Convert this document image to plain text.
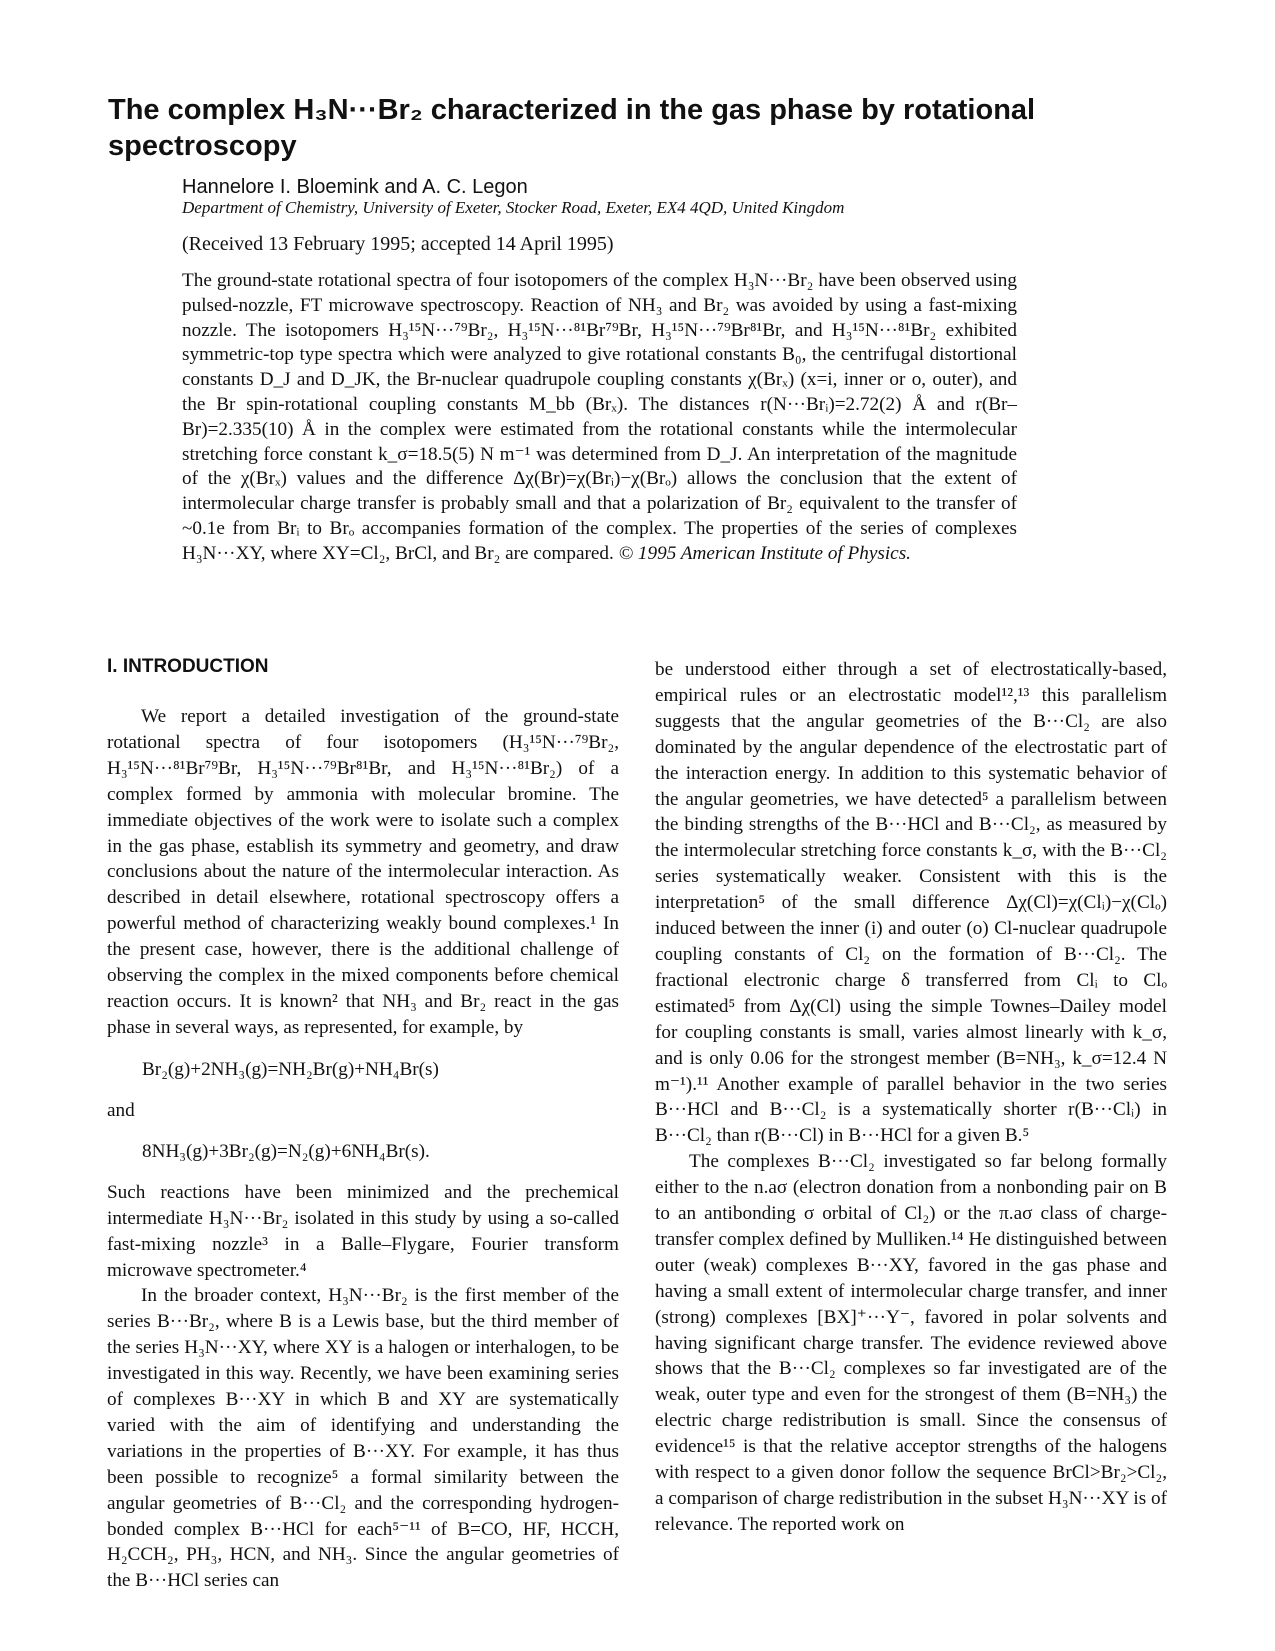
The complex H₃N···Br₂ characterized in the gas phase by rotational spectroscopy
Hannelore I. Bloemink and A. C. Legon
Department of Chemistry, University of Exeter, Stocker Road, Exeter, EX4 4QD, United Kingdom
(Received 13 February 1995; accepted 14 April 1995)

The ground-state rotational spectra of four isotopomers of the complex H₃N···Br₂ have been observed using pulsed-nozzle, FT microwave spectroscopy. Reaction of NH₃ and Br₂ was avoided by using a fast-mixing nozzle. The isotopomers H₃¹⁵N···⁷⁹Br₂, H₃¹⁵N···⁸¹Br⁷⁹Br, H₃¹⁵N···⁷⁹Br⁸¹Br, and H₃¹⁵N···⁸¹Br₂ exhibited symmetric-top type spectra which were analyzed to give rotational constants B₀, the centrifugal distortional constants D_J and D_JK, the Br-nuclear quadrupole coupling constants χ(Brₓ) (x=i, inner or o, outer), and the Br spin-rotational coupling constants M_bb (Brₓ). The distances r(N···Brᵢ)=2.72(2) Å and r(Br–Br)=2.335(10) Å in the complex were estimated from the rotational constants while the intermolecular stretching force constant k_σ=18.5(5) N m⁻¹ was determined from D_J. An interpretation of the magnitude of the χ(Brₓ) values and the difference Δχ(Br)=χ(Brᵢ)−χ(Brₒ) allows the conclusion that the extent of intermolecular charge transfer is probably small and that a polarization of Br₂ equivalent to the transfer of ~0.1e from Brᵢ to Brₒ accompanies formation of the complex. The properties of the series of complexes H₃N···XY, where XY=Cl₂, BrCl, and Br₂ are compared. © 1995 American Institute of Physics.

I. INTRODUCTION

We report a detailed investigation of the ground-state rotational spectra of four isotopomers (H₃¹⁵N···⁷⁹Br₂, H₃¹⁵N···⁸¹Br⁷⁹Br, H₃¹⁵N···⁷⁹Br⁸¹Br, and H₃¹⁵N···⁸¹Br₂) of a complex formed by ammonia with molecular bromine. The immediate objectives of the work were to isolate such a complex in the gas phase, establish its symmetry and geometry, and draw conclusions about the nature of the intermolecular interaction. As described in detail elsewhere, rotational spectroscopy offers a powerful method of characterizing weakly bound complexes.¹ In the present case, however, there is the additional challenge of observing the complex in the mixed components before chemical reaction occurs. It is known² that NH₃ and Br₂ react in the gas phase in several ways, as represented, for example, by

Br₂(g)+2NH₃(g)=NH₂Br(g)+NH₄Br(s)
and
8NH₃(g)+3Br₂(g)=N₂(g)+6NH₄Br(s).

Such reactions have been minimized and the prechemical intermediate H₃N···Br₂ isolated in this study by using a so-called fast-mixing nozzle³ in a Balle–Flygare, Fourier transform microwave spectrometer.⁴

In the broader context, H₃N···Br₂ is the first member of the series B···Br₂, where B is a Lewis base, but the third member of the series H₃N···XY, where XY is a halogen or interhalogen, to be investigated in this way. Recently, we have been examining series of complexes B···XY in which B and XY are systematically varied with the aim of identifying and understanding the variations in the properties of B···XY. For example, it has thus been possible to recognize⁵ a formal similarity between the angular geometries of B···Cl₂ and the corresponding hydrogen-bonded complex B···HCl for each⁵⁻¹¹ of B=CO, HF, HCCH, H₂CCH₂, PH₃, HCN, and NH₃. Since the angular geometries of the B···HCl series can

be understood either through a set of electrostatically-based, empirical rules or an electrostatic model¹²,¹³ this parallelism suggests that the angular geometries of the B···Cl₂ are also dominated by the angular dependence of the electrostatic part of the interaction energy. In addition to this systematic behavior of the angular geometries, we have detected⁵ a parallelism between the binding strengths of the B···HCl and B···Cl₂, as measured by the intermolecular stretching force constants k_σ, with the B···Cl₂ series systematically weaker. Consistent with this is the interpretation⁵ of the small difference Δχ(Cl)=χ(Clᵢ)−χ(Clₒ) induced between the inner (i) and outer (o) Cl-nuclear quadrupole coupling constants of Cl₂ on the formation of B···Cl₂. The fractional electronic charge δ transferred from Clᵢ to Clₒ estimated⁵ from Δχ(Cl) using the simple Townes–Dailey model for coupling constants is small, varies almost linearly with k_σ, and is only 0.06 for the strongest member (B=NH₃, k_σ=12.4 N m⁻¹).¹¹ Another example of parallel behavior in the two series B···HCl and B···Cl₂ is a systematically shorter r(B···Clᵢ) in B···Cl₂ than r(B···Cl) in B···HCl for a given B.⁵

The complexes B···Cl₂ investigated so far belong formally either to the n.aσ (electron donation from a nonbonding pair on B to an antibonding σ orbital of Cl₂) or the π.aσ class of charge-transfer complex defined by Mulliken.¹⁴ He distinguished between outer (weak) complexes B···XY, favored in the gas phase and having a small extent of intermolecular charge transfer, and inner (strong) complexes [BX]⁺···Y⁻, favored in polar solvents and having significant charge transfer. The evidence reviewed above shows that the B···Cl₂ complexes so far investigated are of the weak, outer type and even for the strongest of them (B=NH₃) the electric charge redistribution is small. Since the consensus of evidence¹⁵ is that the relative acceptor strengths of the halogens with respect to a given donor follow the sequence BrCl>Br₂>Cl₂, a comparison of charge redistribution in the subset H₃N···XY is of relevance. The reported work on
